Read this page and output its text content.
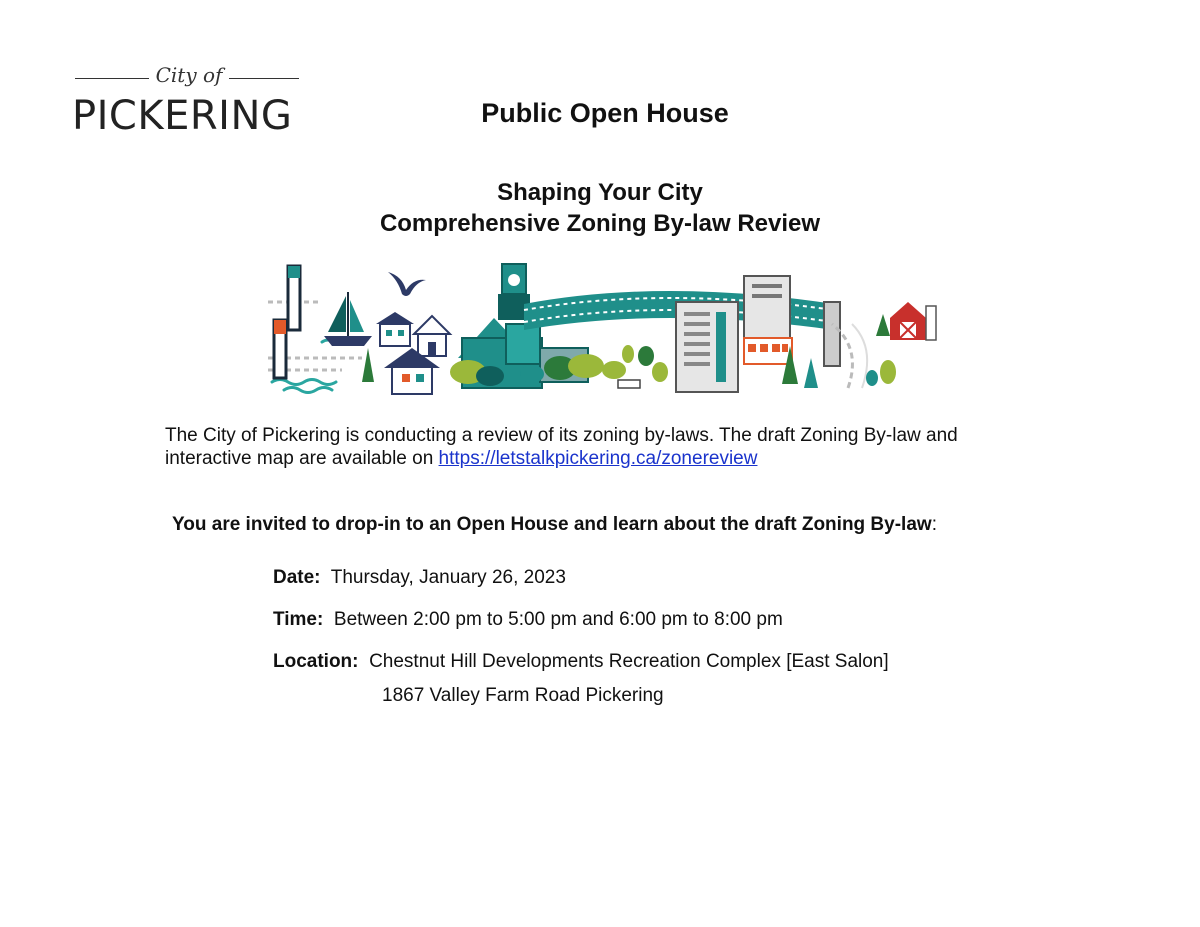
City of
PICKERING	Public Open House
Shaping Your City
Comprehensive Zoning By-law Review

The City of Pickering is conducting a review of its zoning by-laws. The draft Zoning By-law and
interactive map are available on https://letstalkpickering.ca/zonereview

You are invited to drop-in to an Open House and learn about the draft Zoning By-law:

Date: Thursday, January 26, 2023

Time: Between 2:00 pm to 5:00 pm and 6:00 pm to 8:00 pm

Location: Chestnut Hill Developments Recreation Complex [East Salon]

1867 Valley Farm Road Pickering
